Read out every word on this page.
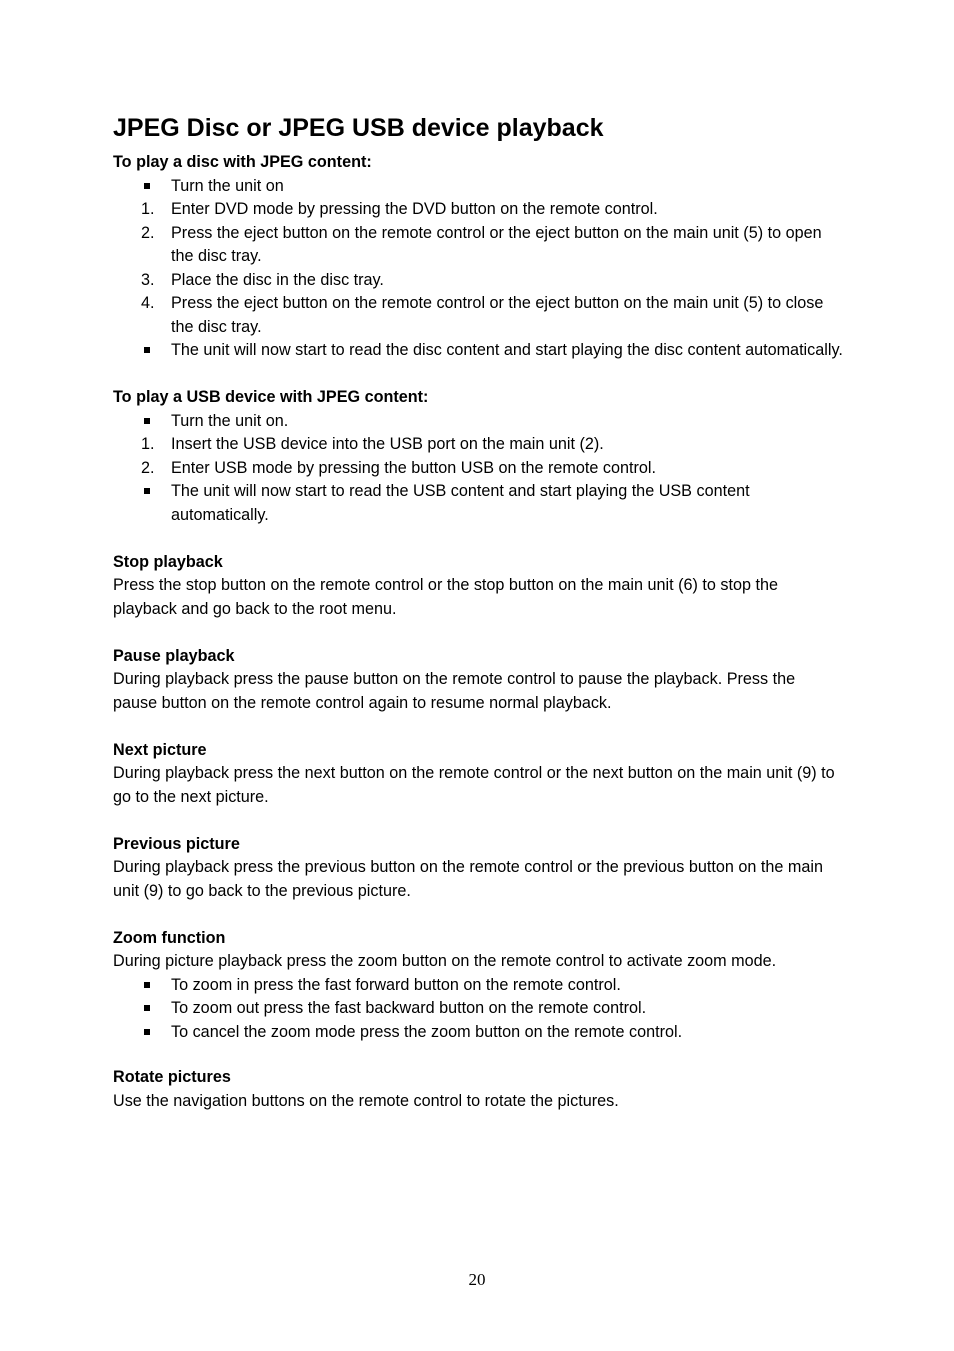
JPEG Disc or JPEG USB device playback

To play a disc with JPEG content:

Turn the unit on
1.	Enter DVD mode by pressing the DVD button on the remote control.
2.	Press the eject button on the remote control or the eject button on the main unit (5) to open the disc tray.
3.	Place the disc in the disc tray.
4.	Press the eject button on the remote control or the eject button on the main unit (5) to close the disc tray.
The unit will now start to read the disc content and start playing the disc content automatically.

To play a USB device with JPEG content:

Turn the unit on.
1.	Insert the USB device into the USB port on the main unit (2).
2.	Enter USB mode by pressing the button USB on the remote control.
The unit will now start to read the USB content and start playing the USB content automatically.

Stop playback

Press the stop button on the remote control or the stop button on the main unit (6) to stop the playback and go back to the root menu.

Pause playback

During playback press the pause button on the remote control to pause the playback. Press the pause button on the remote control again to resume normal playback.

Next picture

During playback press the next button on the remote control or the next button on the main unit (9) to go to the next picture.

Previous picture

During playback press the previous button on the remote control or the previous button on the main unit (9) to go back to the previous picture.

Zoom function

During picture playback press the zoom button on the remote control to activate zoom mode.

To zoom in press the fast forward button on the remote control.
To zoom out press the fast backward button on the remote control.
To cancel the zoom mode press the zoom button on the remote control.

Rotate pictures

Use the navigation buttons on the remote control to rotate the pictures.

20
